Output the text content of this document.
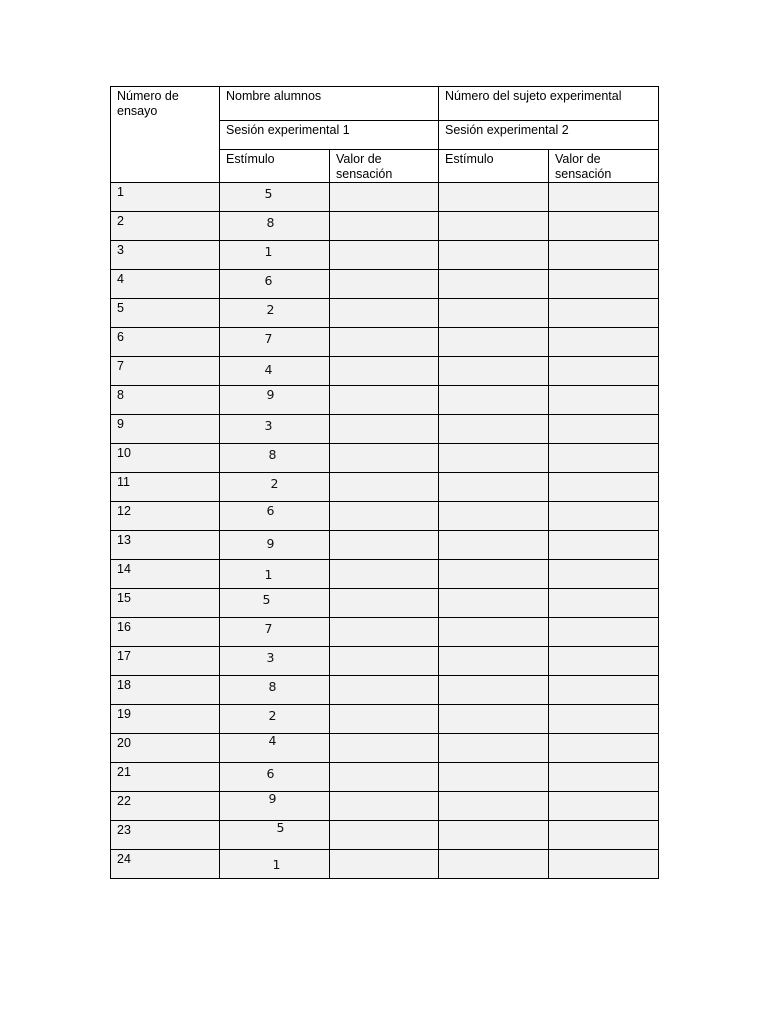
Número de ensayo	Nombre alumnos		Número del sujeto experimental	
	Sesión experimental 1		Sesión experimental 2	
	Estímulo	Valor de sensación	Estímulo	Valor de sensación
1	5			
2	8			
3	1			
4	6			
5	2			
6	7			
7	4			
8	9			
9	3			
10	8			
11	2			
12	6			
13	9			
14	1			
15	5			
16	7			
17	3			
18	8			
19	2			
20	4			
21	6			
22	9			
23	5			
24	1			
